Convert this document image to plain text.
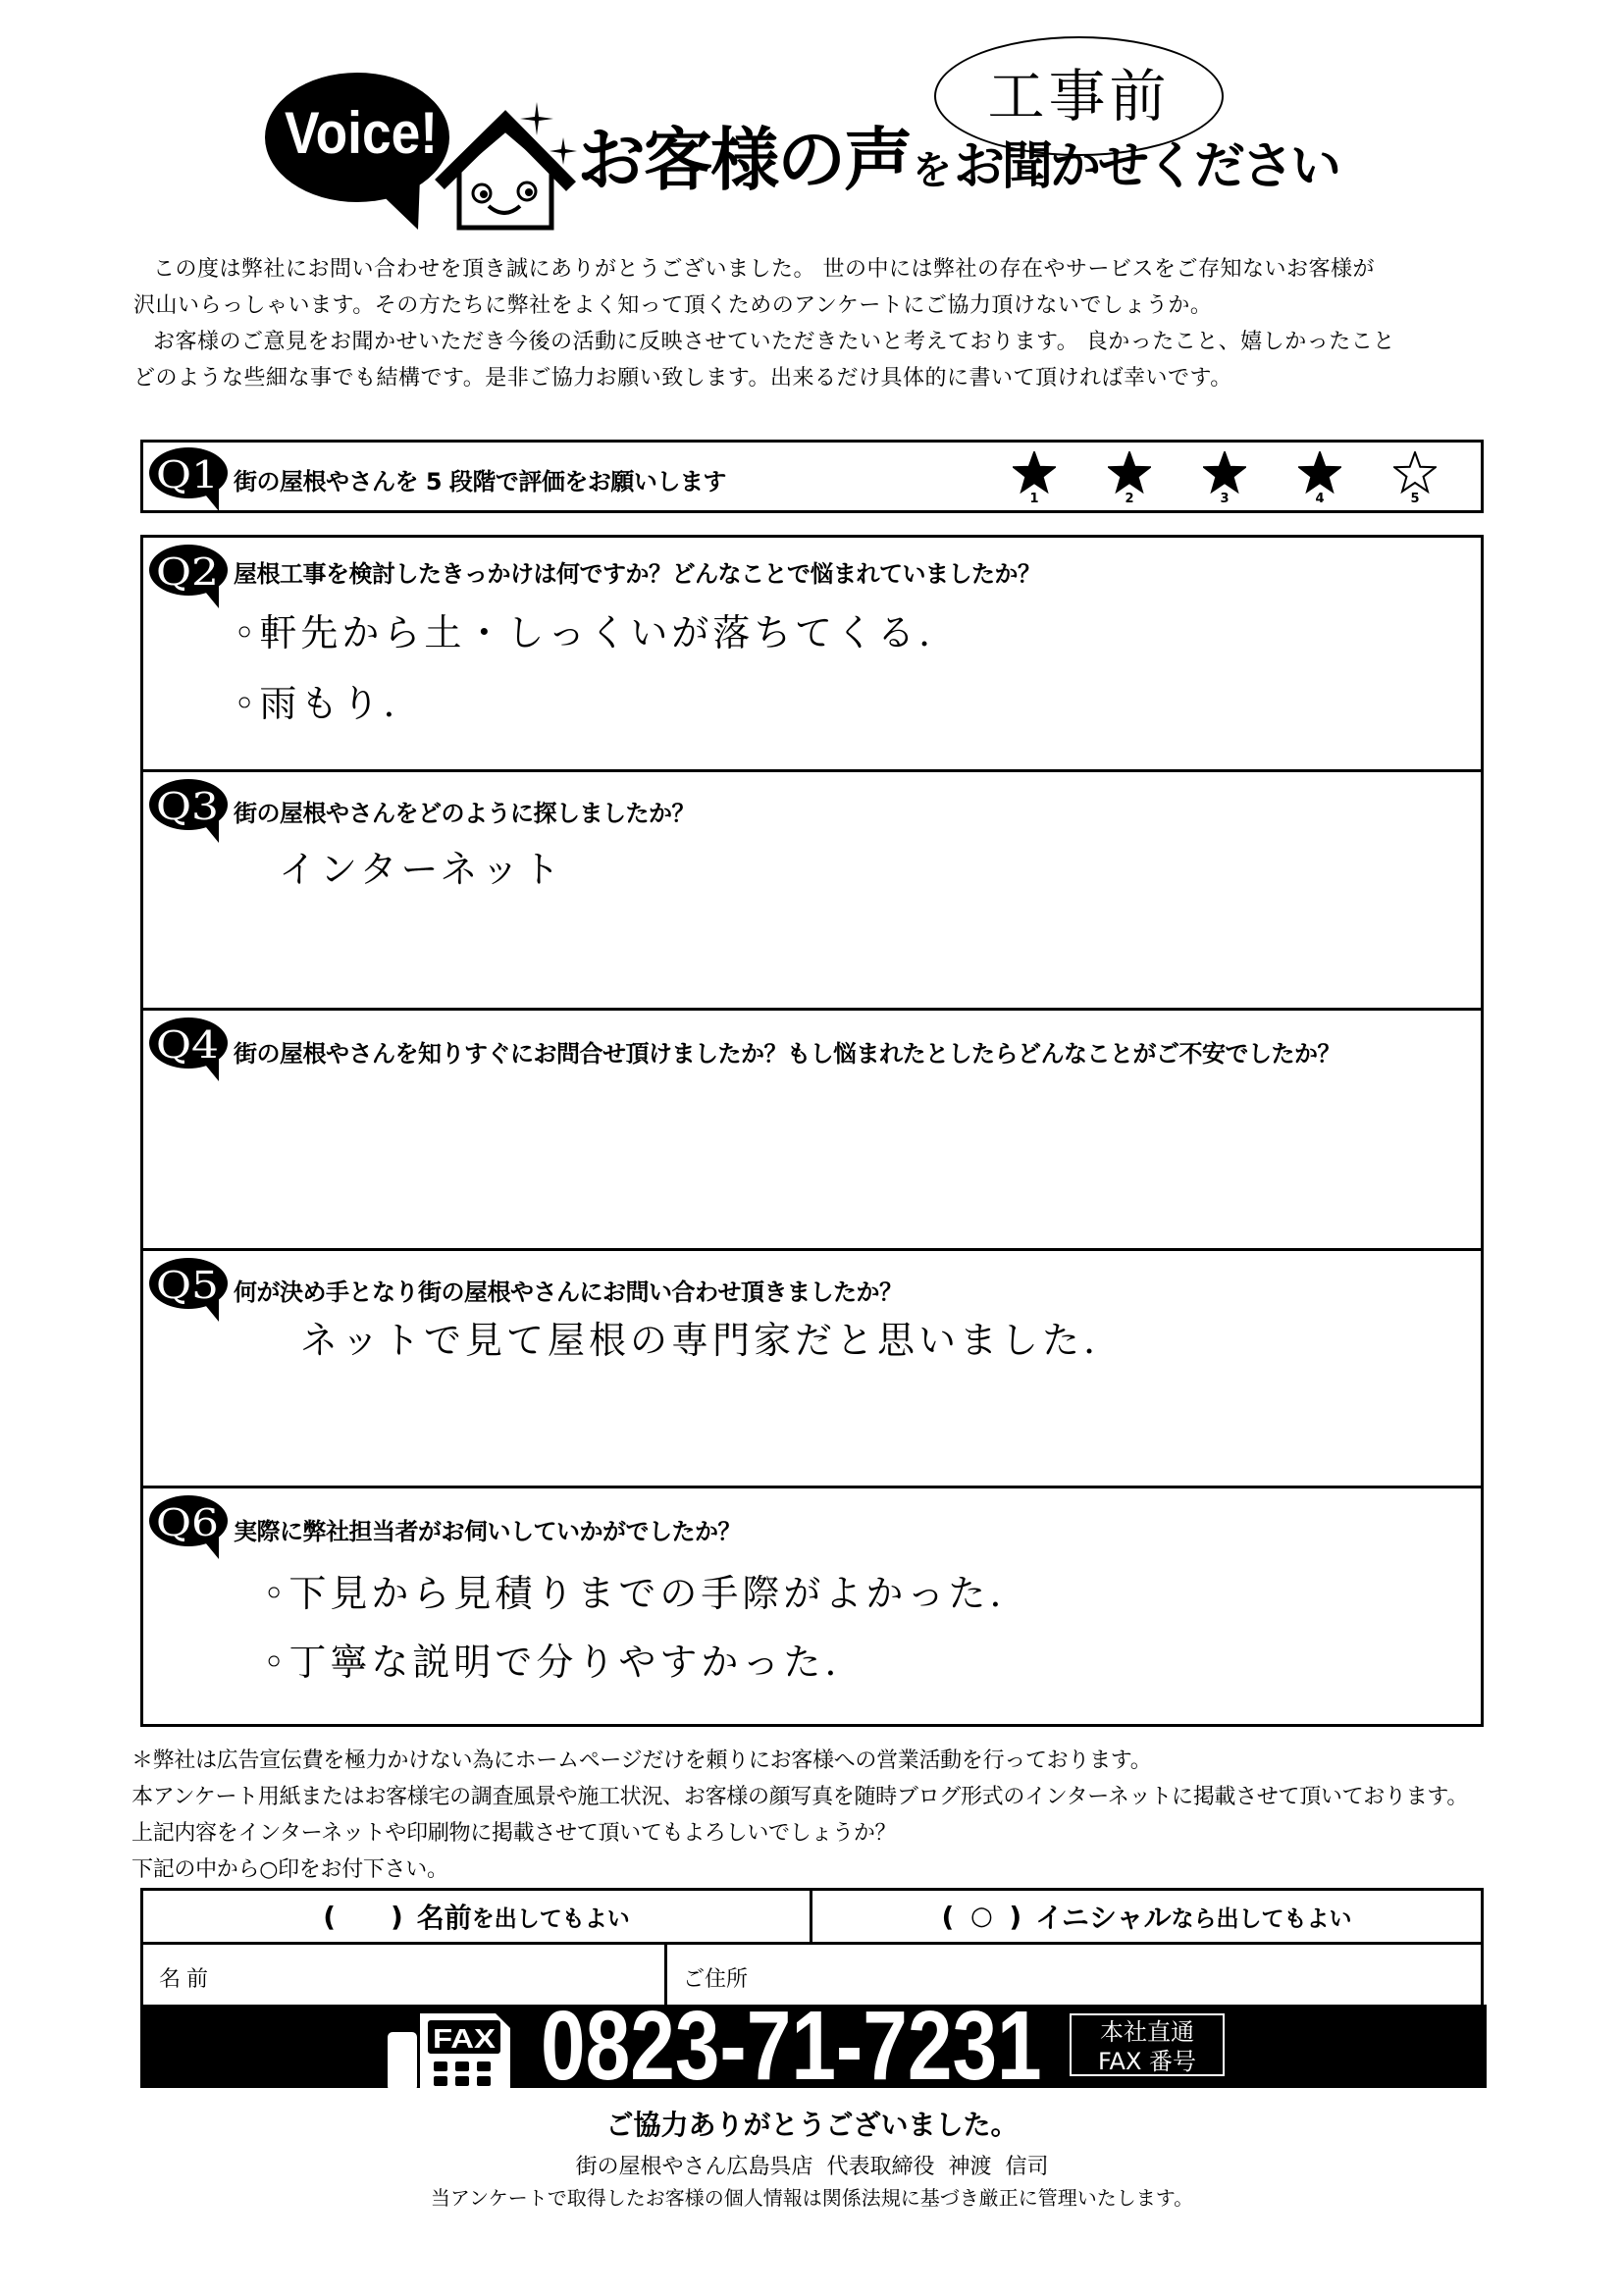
Voice! お客様の声 を お聞かせください
工事前
この度は弊社にお問い合わせを頂き誠にありがとうございました。 世の中には弊社の存在やサービスをご存知ないお客様が
沢山いらっしゃいます。その方たちに弊社をよく知って頂くためのアンケートにご協力頂けないでしょうか。
お客様のご意見をお聞かせいただき今後の活動に反映させていただきたいと考えております。 良かったこと、嬉しかったこと
どのような些細な事でも結構です。是非ご協力お願い致します。出来るだけ具体的に書いて頂ければ幸いです。
Q1 街の屋根やさんを 5 段階で評価をお願いします
1	2	3	4	5
Q2 屋根工事を検討したきっかけは何ですか？どんなことで悩まれていましたか？
◦軒先から土・しっくいが落ちてくる.
◦雨もり.
Q3 街の屋根やさんをどのように探しましたか？
インターネット
Q4 街の屋根やさんを知りすぐにお問合せ頂けましたか？もし悩まれたとしたらどんなことがご不安でしたか？
Q5 何が決め手となり街の屋根やさんにお問い合わせ頂きましたか？
ネットで見て屋根の専門家だと思いました.
Q6 実際に弊社担当者がお伺いしていかがでしたか？
◦下見から見積りまでの手際がよかった.
◦丁寧な説明で分りやすかった.
＊弊社は広告宣伝費を極力かけない為にホームページだけを頼りにお客様への営業活動を行っております。
本アンケート用紙またはお客様宅の調査風景や施工状況、お客様の顔写真を随時ブログ形式のインターネットに掲載させて頂いております。
上記内容をインターネットや印刷物に掲載させて頂いてもよろしいでしょうか？
下記の中から○印をお付下さい。
( ) 名前 を出してもよい	( ○ ) イニシャル なら出してもよい
名前	ご住所
FAX 0823-71-7231	本社直通
FAX 番号
ご協力ありがとうございました。
街の屋根やさん広島呉店  代表取締役  神渡  信司
当アンケートで取得したお客様の個人情報は関係法規に基づき厳正に管理いたします。
